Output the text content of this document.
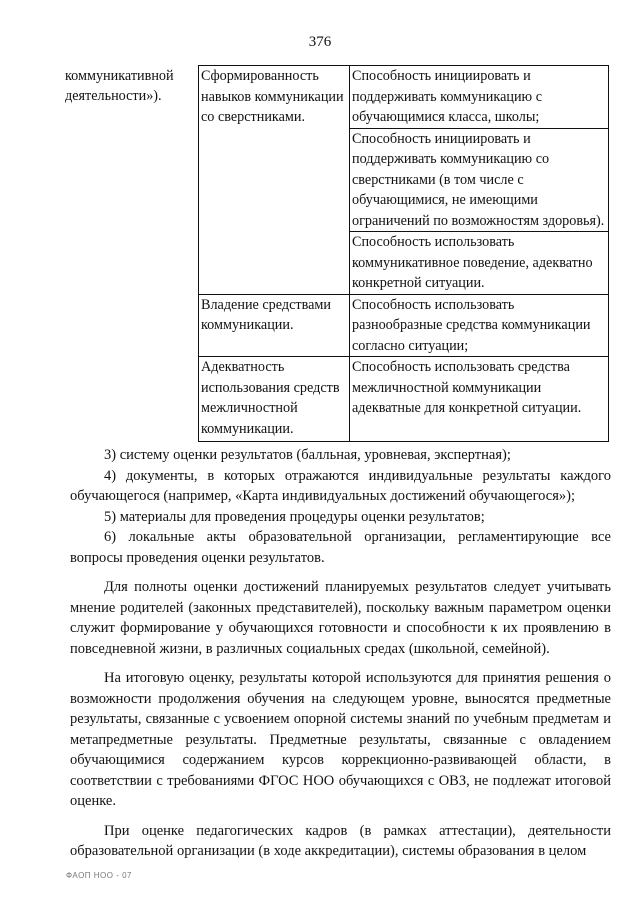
376
коммуникативной деятельности»).	Сформированность навыков коммуникации со сверстниками.	Способность инициировать и поддерживать коммуникацию с обучающимися класса, школы;
		Способность инициировать и поддерживать коммуникацию со сверстниками (в том числе с обучающимися, не имеющими ограничений по возможностям здоровья).
		Способность использовать коммуникативное поведение, адекватно конкретной ситуации.
	Владение средствами коммуникации.	Способность использовать разнообразные средства коммуникации согласно ситуации;
	Адекватность использования средств межличностной коммуникации.	Способность использовать средства межличностной коммуникации адекватные для конкретной ситуации.

3) систему оценки результатов (балльная, уровневая, экспертная);

4) документы, в которых отражаются индивидуальные результаты каждого обучающегося (например, «Карта индивидуальных достижений обучающегося»);

5) материалы для проведения процедуры оценки результатов;

6) локальные акты образовательной организации, регламентирующие все вопросы проведения оценки результатов.

Для полноты оценки достижений планируемых результатов следует учитывать мнение родителей (законных представителей), поскольку важным параметром оценки служит формирование у обучающихся готовности и способности к их проявлению в повседневной жизни, в различных социальных средах (школьной, семейной).

На итоговую оценку, результаты которой используются для принятия решения о возможности продолжения обучения на следующем уровне, выносятся предметные результаты, связанные с усвоением опорной системы знаний по учебным предметам и метапредметные результаты. Предметные результаты, связанные с овладением обучающимися содержанием курсов коррекционно-развивающей области, в соответствии с требованиями ФГОС НОО обучающихся с ОВЗ, не подлежат итоговой оценке.

При оценке педагогических кадров (в рамках аттестации), деятельности образовательной организации (в ходе аккредитации), системы образования в целом

ФАОП НОО - 07
